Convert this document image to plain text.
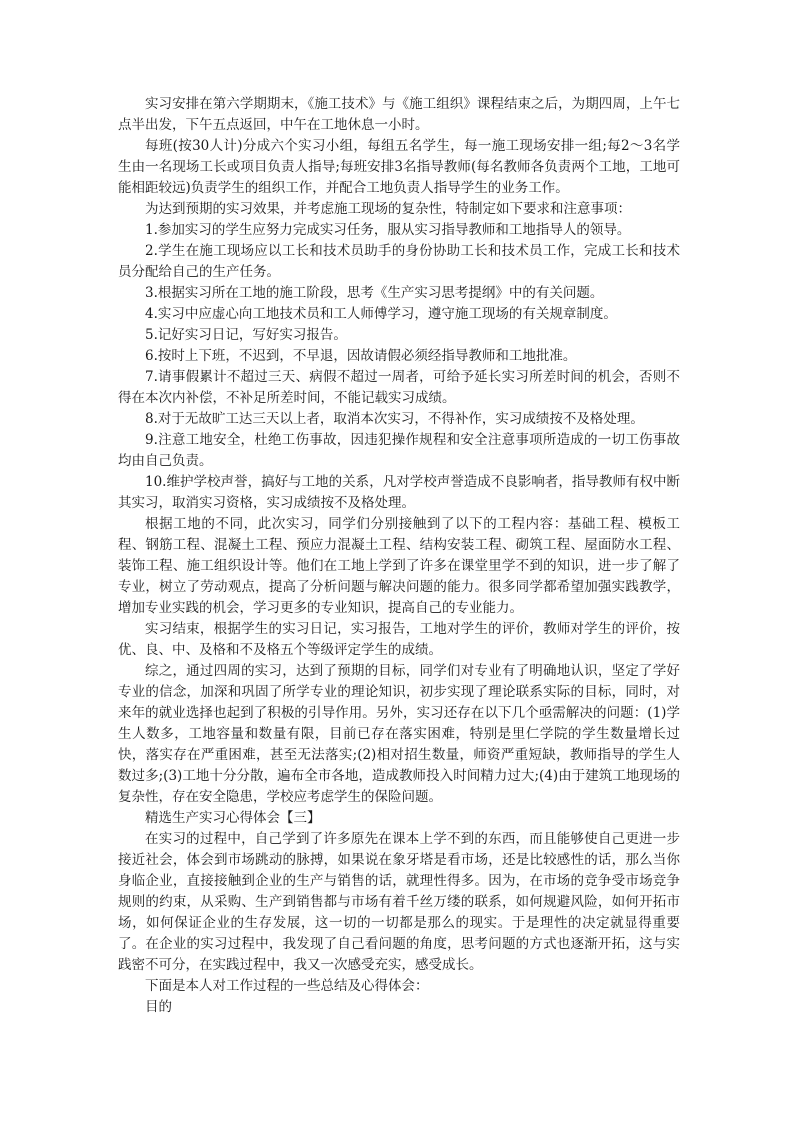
实习安排在第六学期期末，《施工技术》与《施工组织》课程结束之后，为期四周，上午七点半出发，下午五点返回，中午在工地休息一小时。

每班(按30人计)分成六个实习小组，每组五名学生，每一施工现场安排一组;每2～3名学生由一名现场工长或项目负责人指导;每班安排3名指导教师(每名教师各负责两个工地，工地可能相距较远)负责学生的组织工作，并配合工地负责人指导学生的业务工作。

为达到预期的实习效果，并考虑施工现场的复杂性，特制定如下要求和注意事项：

1.参加实习的学生应努力完成实习任务，服从实习指导教师和工地指导人的领导。

2.学生在施工现场应以工长和技术员助手的身份协助工长和技术员工作，完成工长和技术员分配给自己的生产任务。

3.根据实习所在工地的施工阶段，思考《生产实习思考提纲》中的有关问题。

4.实习中应虚心向工地技术员和工人师傅学习，遵守施工现场的有关规章制度。

5.记好实习日记，写好实习报告。

6.按时上下班，不迟到，不早退，因故请假必须经指导教师和工地批准。

7.请事假累计不超过三天、病假不超过一周者，可给予延长实习所差时间的机会，否则不得在本次内补偿，不补足所差时间，不能记载实习成绩。

8.对于无故旷工达三天以上者，取消本次实习，不得补作，实习成绩按不及格处理。

9.注意工地安全，杜绝工伤事故，因违犯操作规程和安全注意事项所造成的一切工伤事故均由自己负责。

10.维护学校声誉，搞好与工地的关系，凡对学校声誉造成不良影响者，指导教师有权中断其实习，取消实习资格，实习成绩按不及格处理。

根据工地的不同，此次实习，同学们分别接触到了以下的工程内容：基础工程、模板工程、钢筋工程、混凝土工程、预应力混凝土工程、结构安装工程、砌筑工程、屋面防水工程、装饰工程、施工组织设计等。他们在工地上学到了许多在课堂里学不到的知识，进一步了解了专业，树立了劳动观点，提高了分析问题与解决问题的能力。很多同学都希望加强实践教学，增加专业实践的机会，学习更多的专业知识，提高自己的专业能力。

实习结束，根据学生的实习日记，实习报告，工地对学生的评价，教师对学生的评价，按优、良、中、及格和不及格五个等级评定学生的成绩。

综之，通过四周的实习，达到了预期的目标，同学们对专业有了明确地认识，坚定了学好专业的信念，加深和巩固了所学专业的理论知识，初步实现了理论联系实际的目标，同时，对来年的就业选择也起到了积极的引导作用。另外，实习还存在以下几个亟需解决的问题：(1)学生人数多，工地容量和数量有限，目前已存在落实困难，特别是里仁学院的学生数量增长过快，落实存在严重困难，甚至无法落实;(2)相对招生数量，师资严重短缺，教师指导的学生人数过多;(3)工地十分分散，遍布全市各地，造成教师投入时间精力过大;(4)由于建筑工地现场的复杂性，存在安全隐患，学校应考虑学生的保险问题。

精选生产实习心得体会【三】

在实习的过程中，自己学到了许多原先在课本上学不到的东西，而且能够使自己更进一步接近社会，体会到市场跳动的脉搏，如果说在象牙塔是看市场，还是比较感性的话，那么当你身临企业，直接接触到企业的生产与销售的话，就理性得多。因为，在市场的竞争受市场竞争规则的约束，从采购、生产到销售都与市场有着千丝万缕的联系，如何规避风险，如何开拓市场，如何保证企业的生存发展，这一切的一切都是那么的现实。于是理性的决定就显得重要了。在企业的实习过程中，我发现了自己看问题的角度，思考问题的方式也逐渐开拓，这与实践密不可分，在实践过程中，我又一次感受充实，感受成长。

下面是本人对工作过程的一些总结及心得体会：

目的
